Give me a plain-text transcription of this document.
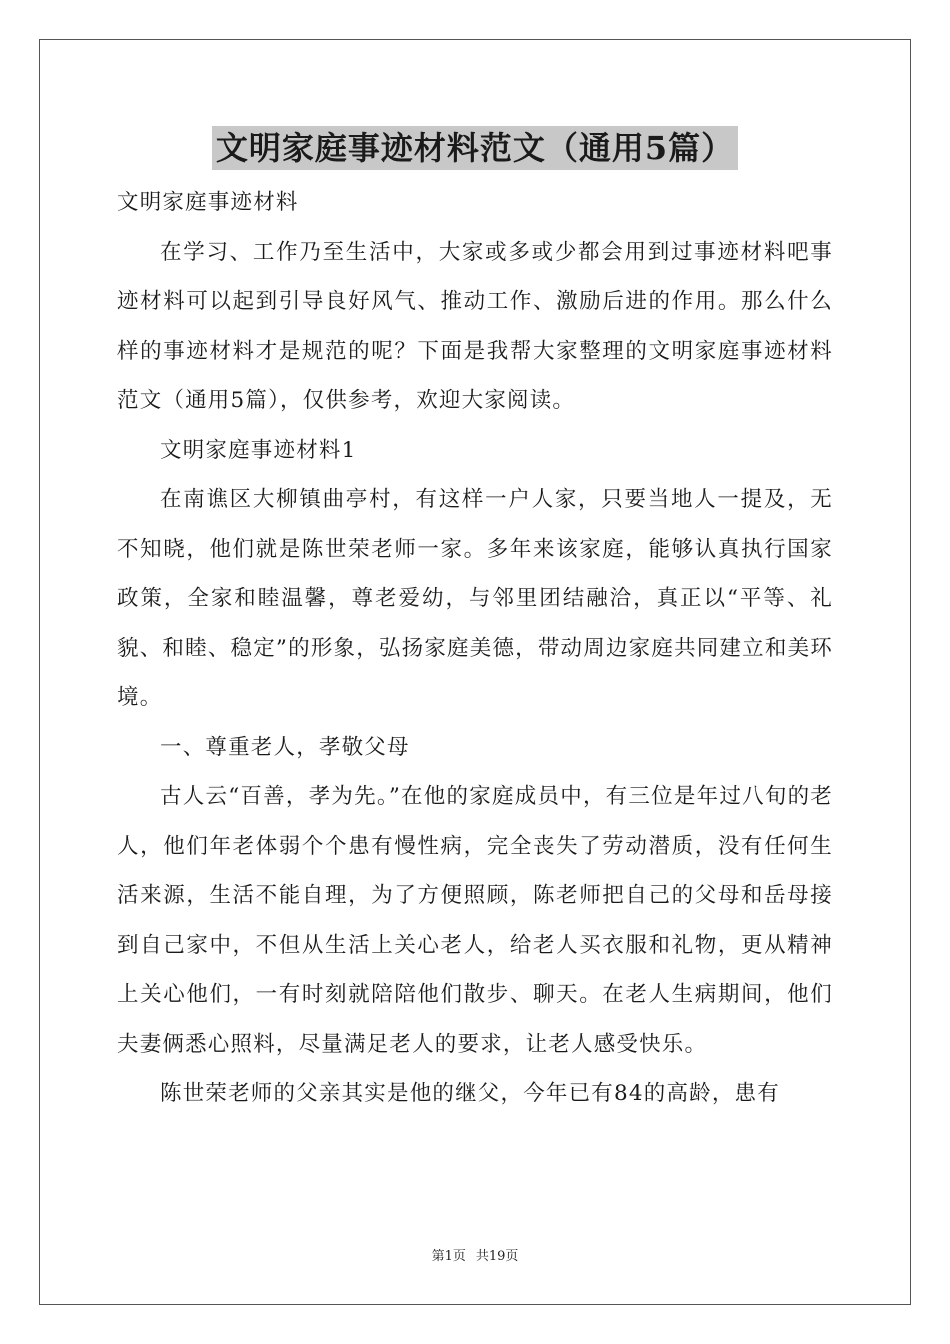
文明家庭事迹材料范文（通用5篇）

文明家庭事迹材料

在学习、工作乃至生活中，大家或多或少都会用到过事迹材料吧事迹材料可以起到引导良好风气、推动工作、激励后进的作用。那么什么样的事迹材料才是规范的呢？下面是我帮大家整理的文明家庭事迹材料范文（通用5篇），仅供参考，欢迎大家阅读。

文明家庭事迹材料1

在南谯区大柳镇曲亭村，有这样一户人家，只要当地人一提及，无不知晓，他们就是陈世荣老师一家。多年来该家庭，能够认真执行国家政策，全家和睦温馨，尊老爱幼，与邻里团结融洽，真正以“平等、礼貌、和睦、稳定”的形象，弘扬家庭美德，带动周边家庭共同建立和美环境。

一、尊重老人，孝敬父母

古人云“百善，孝为先。”在他的家庭成员中，有三位是年过八旬的老人，他们年老体弱个个患有慢性病，完全丧失了劳动潜质，没有任何生活来源，生活不能自理，为了方便照顾，陈老师把自己的父母和岳母接到自己家中，不但从生活上关心老人，给老人买衣服和礼物，更从精神上关心他们，一有时刻就陪陪他们散步、聊天。在老人生病期间，他们夫妻俩悉心照料，尽量满足老人的要求，让老人感受快乐。

陈世荣老师的父亲其实是他的继父，今年已有84的高龄，患有

第1页 共19页
